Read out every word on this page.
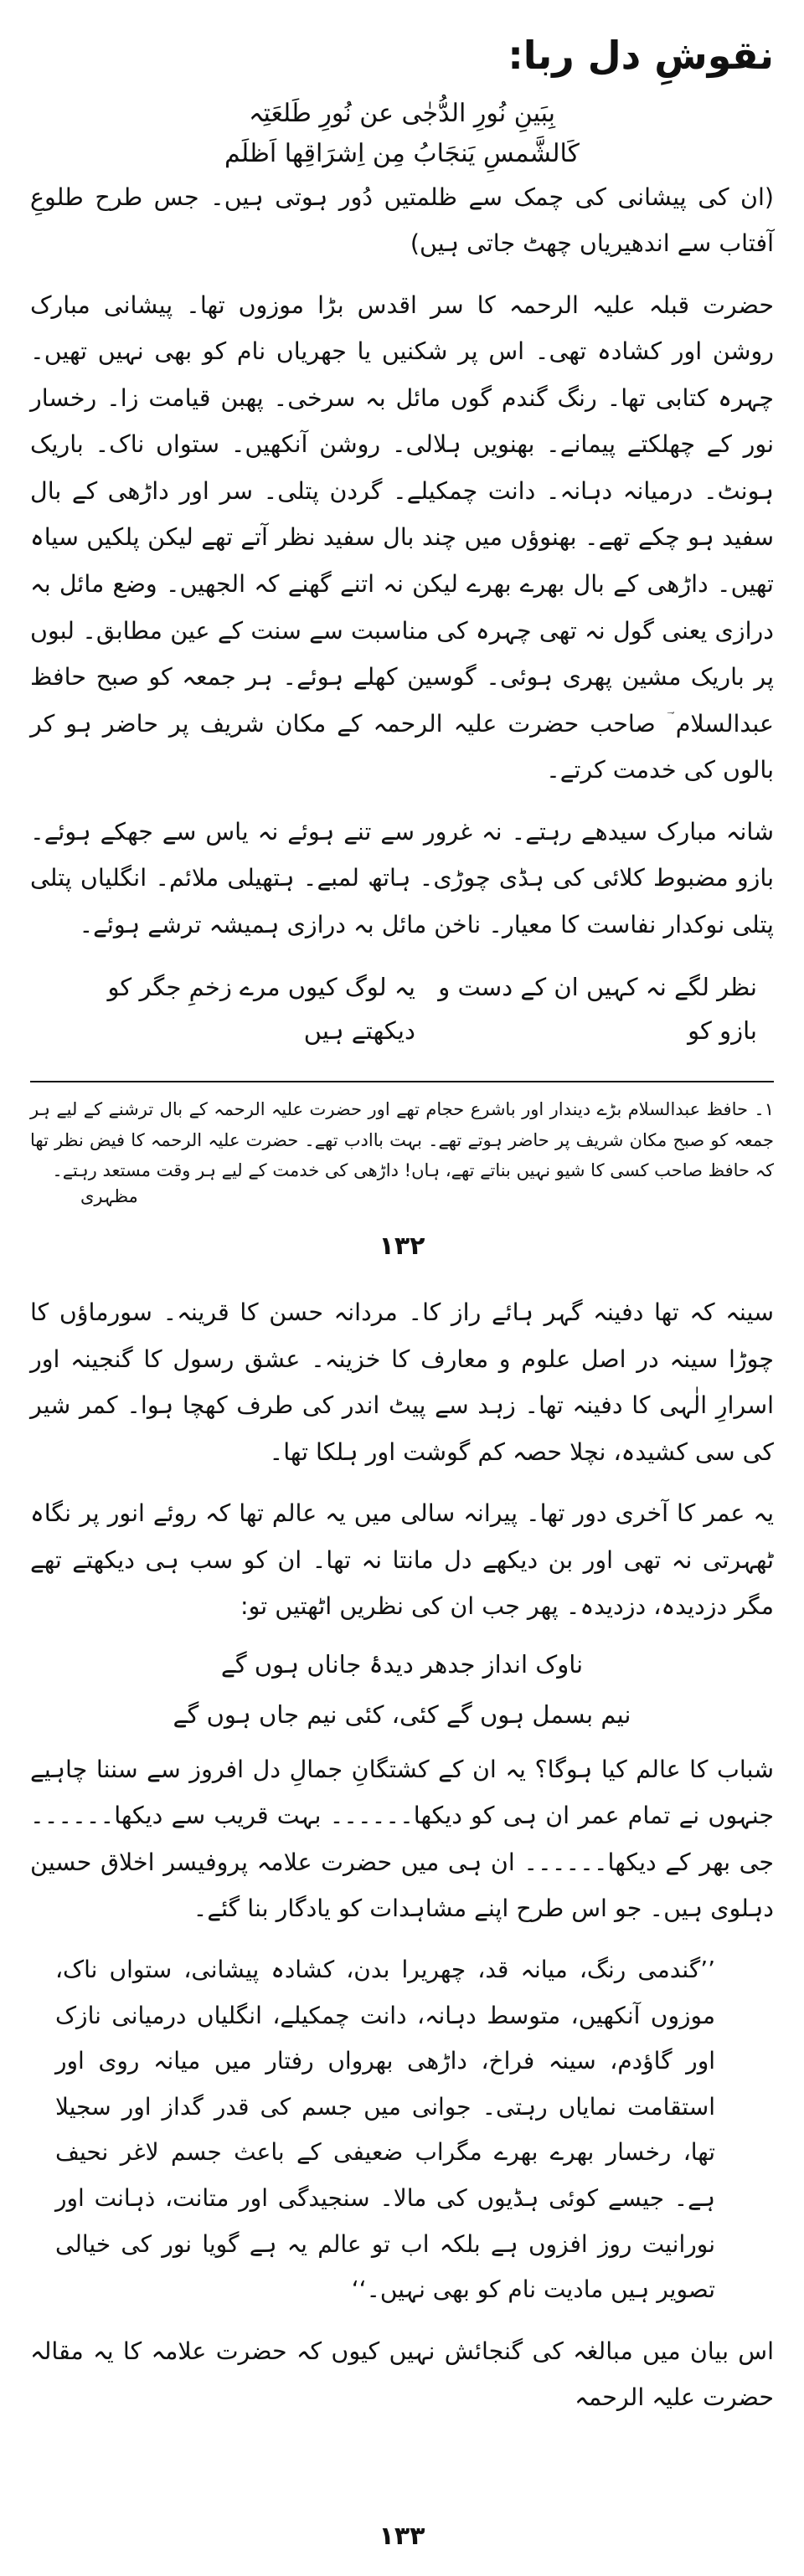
نقوشِ دل ربا:

بِبَینِ نُورِ الدُّجٰی عن نُورِ طَلعَتِہ

کَالشَّمسِ یَنجَابُ مِن اِشرَاقِھا اَظلَم

(ان کی پیشانی کی چمک سے ظلمتیں دُور ہوتی ہیں۔ جس طرح طلوعِ آفتاب سے اندھیریاں چھٹ جاتی ہیں)

حضرت قبلہ علیہ الرحمہ کا سر اقدس بڑا موزوں تھا۔ پیشانی مبارک روشن اور کشادہ تھی۔ اس پر شکنیں یا جھریاں نام کو بھی نہیں تھیں۔ چہرہ کتابی تھا۔ رنگ گندم گوں مائل بہ سرخی۔ پھبن قیامت زا۔ رخسار نور کے چھلکتے پیمانے۔ بھنویں ہلالی۔ روشن آنکھیں۔ ستواں ناک۔ باریک ہونٹ۔ درمیانہ دہانہ۔ دانت چمکیلے۔ گردن پتلی۔ سر اور داڑھی کے بال سفید ہو چکے تھے۔ بھنوؤں میں چند بال سفید نظر آتے تھے لیکن پلکیں سیاہ تھیں۔ داڑھی کے بال بھرے بھرے لیکن نہ اتنے گھنے کہ الجھیں۔ وضع مائل بہ درازی یعنی گول نہ تھی چہرہ کی مناسبت سے سنت کے عین مطابق۔ لبوں پر باریک مشین پھری ہوئی۔ گوسین کھلے ہوئے۔ ہر جمعہ کو صبح حافظ عبدالسلام ؔ صاحب حضرت علیہ الرحمہ کے مکان شریف پر حاضر ہو کر بالوں کی خدمت کرتے۔

شانہ مبارک سیدھے رہتے۔ نہ غرور سے تنے ہوئے نہ یاس سے جھکے ہوئے۔ بازو مضبوط کلائی کی ہڈی چوڑی۔ ہاتھ لمبے۔ ہتھیلی ملائم۔ انگلیاں پتلی پتلی نوکدار نفاست کا معیار۔ ناخن مائل بہ درازی ہمیشہ ترشے ہوئے۔

نظر لگے نہ کہیں ان کے دست و بازو کو
یہ لوگ کیوں مرے زخمِ جگر کو دیکھتے ہیں

۱۔ حافظ عبدالسلام بڑے دیندار اور باشرع حجام تھے اور حضرت علیہ الرحمہ کے بال ترشنے کے لیے ہر جمعہ کو صبح مکان شریف پر حاضر ہوتے تھے۔ بہت باادب تھے۔ حضرت علیہ الرحمہ کا فیض نظر تھا کہ حافظ صاحب کسی کا شیو نہیں بناتے تھے، ہاں! داڑھی کی خدمت کے لیے ہر وقت مستعد رہتے۔

مظہری

۱۳۲

سینہ کہ تھا دفینہ گہر ہائے راز کا۔ مردانہ حسن کا قرینہ۔ سورماؤں کا چوڑا سینہ در اصل علوم و معارف کا خزینہ۔ عشق رسول کا گنجینہ اور اسرارِ الٰہی کا دفینہ تھا۔ زہد سے پیٹ اندر کی طرف کھچا ہوا۔ کمر شیر کی سی کشیدہ، نچلا حصہ کم گوشت اور ہلکا تھا۔

یہ عمر کا آخری دور تھا۔ پیرانہ سالی میں یہ عالم تھا کہ روئے انور پر نگاہ ٹھہرتی نہ تھی اور بن دیکھے دل مانتا نہ تھا۔ ان کو سب ہی دیکھتے تھے مگر دزدیدہ، دزدیدہ۔ پھر جب ان کی نظریں اٹھتیں تو:

ناوک انداز جدھر دیدۂ جاناں ہوں گے

نیم بسمل ہوں گے کئی، کئی نیم جاں ہوں گے

شباب کا عالم کیا ہوگا؟ یہ ان کے کشتگانِ جمالِ دل افروز سے سننا چاہیے جنہوں نے تمام عمر ان ہی کو دیکھا۔۔۔۔۔۔ بہت قریب سے دیکھا۔۔۔۔۔۔ جی بھر کے دیکھا۔۔۔۔۔۔ ان ہی میں حضرت علامہ پروفیسر اخلاق حسین دہلوی ہیں۔ جو اس طرح اپنے مشاہدات کو یادگار بنا گئے۔

’’گندمی رنگ، میانہ قد، چھریرا بدن، کشادہ پیشانی، ستواں ناک، موزوں آنکھیں، متوسط دہانہ، دانت چمکیلے، انگلیاں درمیانی نازک اور گاؤدم، سینہ فراخ، داڑھی بھرواں رفتار میں میانہ روی اور استقامت نمایاں رہتی۔ جوانی میں جسم کی قدر گداز اور سجیلا تھا، رخسار بھرے بھرے مگراب ضعیفی کے باعث جسم لاغر نحیف ہے۔ جیسے کوئی ہڈیوں کی مالا۔ سنجیدگی اور متانت، ذہانت اور نورانیت روز افزوں ہے بلکہ اب تو عالم یہ ہے گویا نور کی خیالی تصویر ہیں مادیت نام کو بھی نہیں۔‘‘

اس بیان میں مبالغہ کی گنجائش نہیں کیوں کہ حضرت علامہ کا یہ مقالہ حضرت علیہ الرحمہ

۱۳۳
